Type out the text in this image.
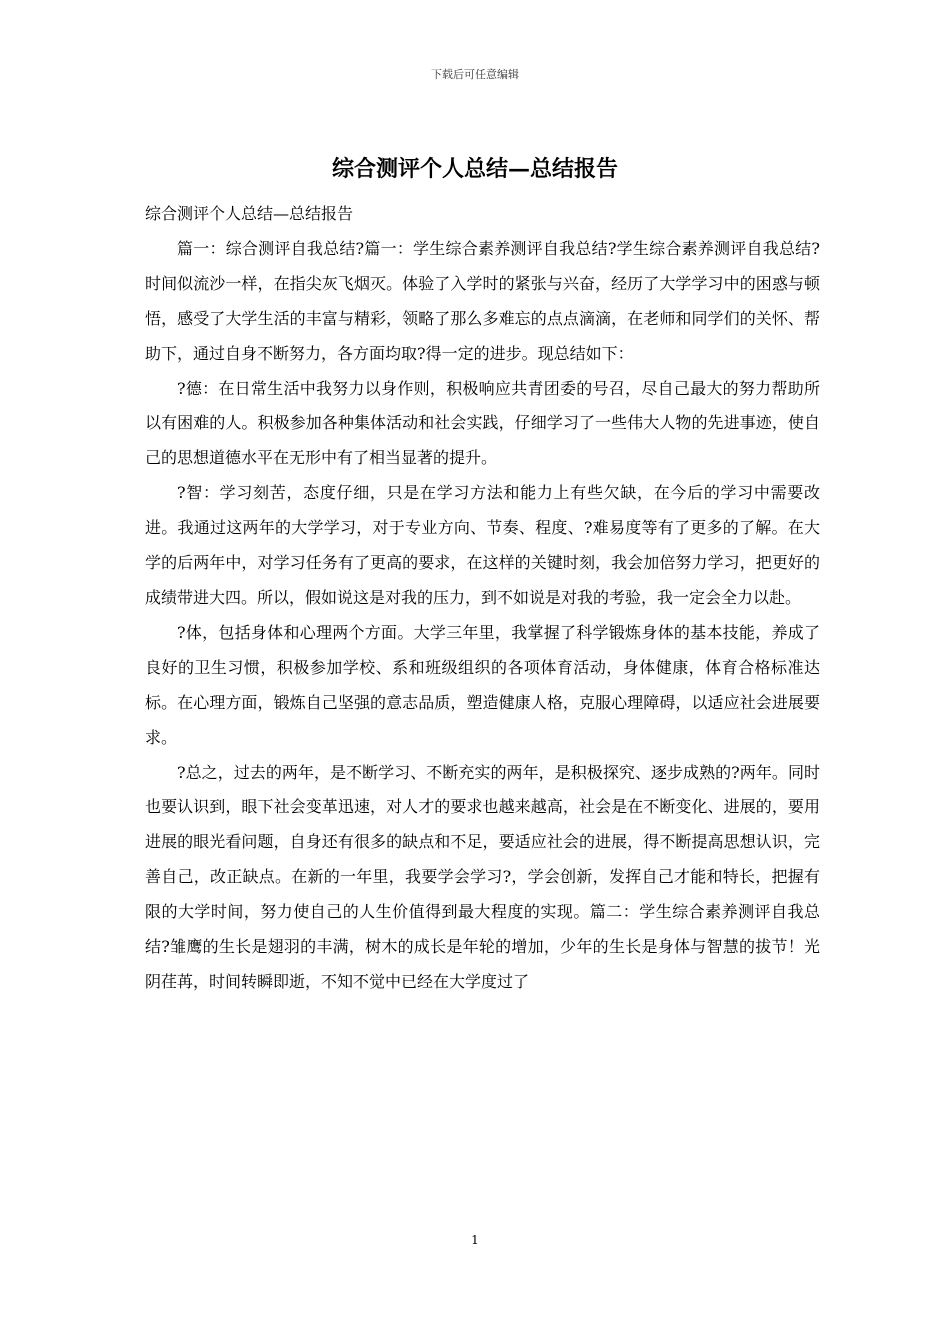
下载后可任意编辑
综合测评个人总结—总结报告

综合测评个人总结—总结报告

篇一：综合测评自我总结?篇一：学生综合素养测评自我总结?学生综合素养测评自我总结?时间似流沙一样，在指尖灰飞烟灭。体验了入学时的紧张与兴奋，经历了大学学习中的困惑与顿悟，感受了大学生活的丰富与精彩，领略了那么多难忘的点点滴滴，在老师和同学们的关怀、帮助下，通过自身不断努力，各方面均取?得一定的进步。现总结如下：

?德：在日常生活中我努力以身作则，积极响应共青团委的号召，尽自己最大的努力帮助所以有困难的人。积极参加各种集体活动和社会实践，仔细学习了一些伟大人物的先进事迹，使自己的思想道德水平在无形中有了相当显著的提升。

?智：学习刻苦，态度仔细，只是在学习方法和能力上有些欠缺，在今后的学习中需要改进。我通过这两年的大学学习，对于专业方向、节奏、程度、?难易度等有了更多的了解。在大学的后两年中，对学习任务有了更高的要求，在这样的关键时刻，我会加倍努力学习，把更好的成绩带进大四。所以，假如说这是对我的压力，到不如说是对我的考验，我一定会全力以赴。

?体，包括身体和心理两个方面。大学三年里，我掌握了科学锻炼身体的基本技能，养成了良好的卫生习惯，积极参加学校、系和班级组织的各项体育活动，身体健康，体育合格标准达标。在心理方面，锻炼自己坚强的意志品质，塑造健康人格，克服心理障碍，以适应社会进展要求。

?总之，过去的两年，是不断学习、不断充实的两年，是积极探究、逐步成熟的?两年。同时也要认识到，眼下社会变革迅速，对人才的要求也越来越高，社会是在不断变化、进展的，要用进展的眼光看问题，自身还有很多的缺点和不足，要适应社会的进展，得不断提高思想认识，完善自己，改正缺点。在新的一年里，我要学会学习?，学会创新，发挥自己才能和特长，把握有限的大学时间，努力使自己的人生价值得到最大程度的实现。篇二：学生综合素养测评自我总结?雏鹰的生长是翅羽的丰满，树木的成长是年轮的增加，少年的生长是身体与智慧的拔节！光阴荏苒，时间转瞬即逝，不知不觉中已经在大学度过了

1
